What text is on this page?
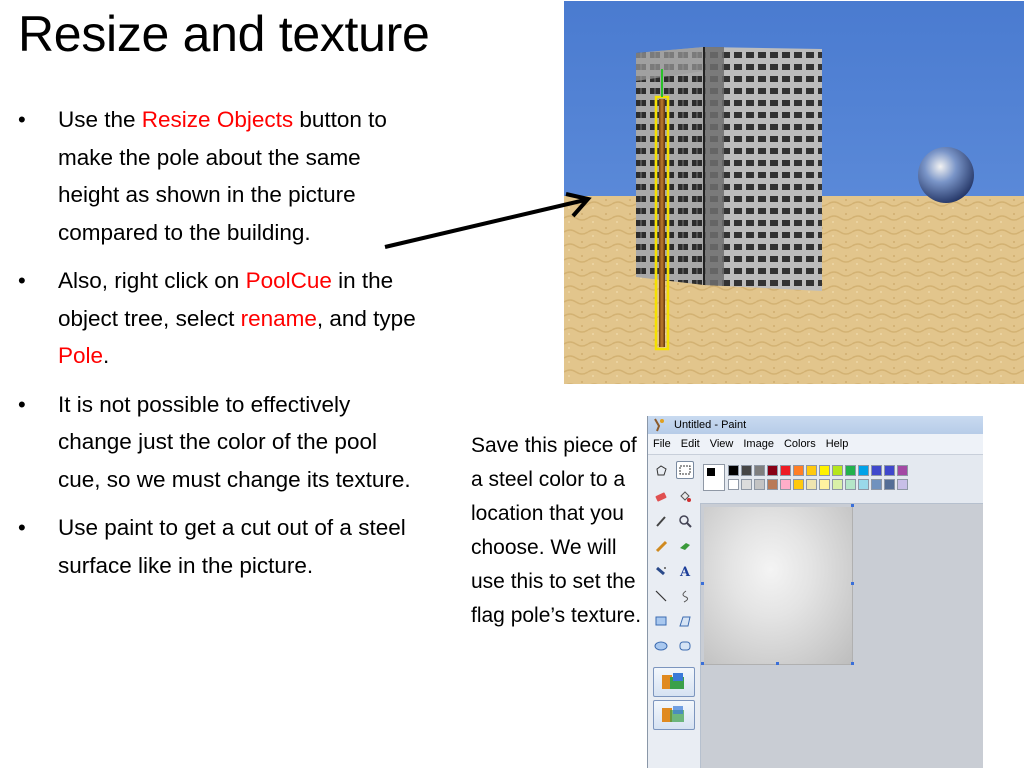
Resize and texture
• Use the Resize Objects button to make the pole about the same height as shown in the picture compared to the building.
• Also, right click on PoolCue in the object tree, select rename, and type Pole.
• It is not possible to effectively change just the color of the pool cue, so we must change its texture.
• Use paint to get a cut out of a steel surface like in the picture.

Save this piece of a steel color to a location that you choose. We will use this to set the flag pole’s texture.

Untitled - Paint
File Edit View Image Colors Help
A
